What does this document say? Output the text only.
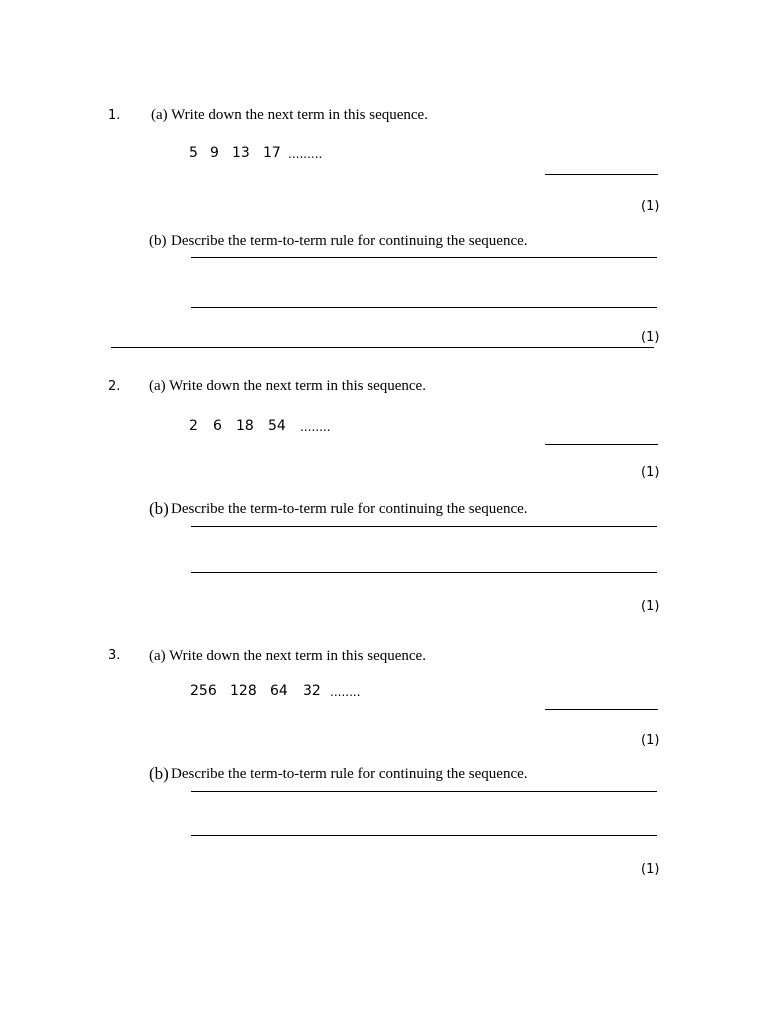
1. (a) Write down the next term in this sequence.
5 9 13 17 .........
(1)
(b) Describe the term-to-term rule for continuing the sequence.
(1)
2. (a) Write down the next term in this sequence.
2 6 18 54 ........
(1)
(b) Describe the term-to-term rule for continuing the sequence.
(1)
3. (a) Write down the next term in this sequence.
256 128 64 32 ........
(1)
(b) Describe the term-to-term rule for continuing the sequence.
(1)
